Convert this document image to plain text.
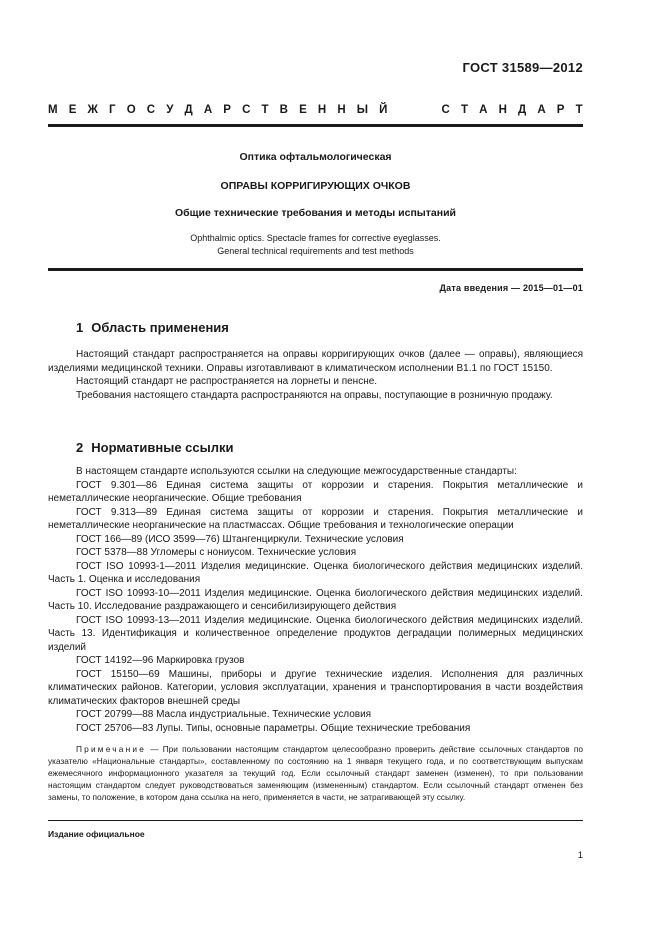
ГОСТ 31589—2012
М Е Ж Г О С У Д А Р С Т В Е Н Н Ы Й

	С Т А Н Д А Р Т
Оптика офтальмологическая
ОПРАВЫ КОРРИГИРУЮЩИХ ОЧКОВ
Общие технические требования и методы испытаний
Ophthalmic optics. Spectacle frames for corrective eyeglasses.
General technical requirements and test methods
Дата введения — 2015—01—01
1 Область применения

Настоящий стандарт распространяется на оправы корригирующих очков (далее — оправы), являющиеся изделиями медицинской техники. Оправы изготавливают в климатическом исполнении В1.1 по ГОСТ 15150.

Настоящий стандарт не распространяется на лорнеты и пенсне.

Требования настоящего стандарта распространяются на оправы, поступающие в розничную продажу.

2 Нормативные ссылки

В настоящем стандарте используются ссылки на следующие межгосударственные стандарты:

ГОСТ 9.301—86 Единая система защиты от коррозии и старения. Покрытия металлические и неметаллические неорганические. Общие требования

ГОСТ 9.313—89 Единая система защиты от коррозии и старения. Покрытия металлические и неметаллические неорганические на пластмассах. Общие требования и технологические операции

ГОСТ 166—89 (ИСО 3599—76) Штангенциркули. Технические условия

ГОСТ 5378—88 Угломеры с нониусом. Технические условия

ГОСТ ISO 10993-1—2011 Изделия медицинские. Оценка биологического действия медицинских изделий. Часть 1. Оценка и исследования

ГОСТ ISO 10993-10—2011 Изделия медицинские. Оценка биологического действия медицинских изделий. Часть 10. Исследование раздражающего и сенсибилизирующего действия

ГОСТ ISO 10993-13—2011 Изделия медицинские. Оценка биологического действия медицинских изделий. Часть 13. Идентификация и количественное определение продуктов деградации полимерных медицинских изделий

ГОСТ 14192—96 Маркировка грузов

ГОСТ 15150—69 Машины, приборы и другие технические изделия. Исполнения для различных климатических районов. Категории, условия эксплуатации, хранения и транспортирования в части воздействия климатических факторов внешней среды

ГОСТ 20799—88 Масла индустриальные. Технические условия

ГОСТ 25706—83 Лупы. Типы, основные параметры. Общие технические требования

Примечание — При пользовании настоящим стандартом целесообразно проверить действие ссылочных стандартов по указателю «Национальные стандарты», составленному по состоянию на 1 января текущего года, и по соответствующим выпускам ежемесячного информационного указателя за текущий год. Если ссылочный стандарт заменен (изменен), то при пользовании настоящим стандартом следует руководствоваться заменяющим (измененным) стандартом. Если ссылочный стандарт отменен без замены, то положение, в котором дана ссылка на него, применяется в части, не затрагивающей эту ссылку.
Издание официальное
1
